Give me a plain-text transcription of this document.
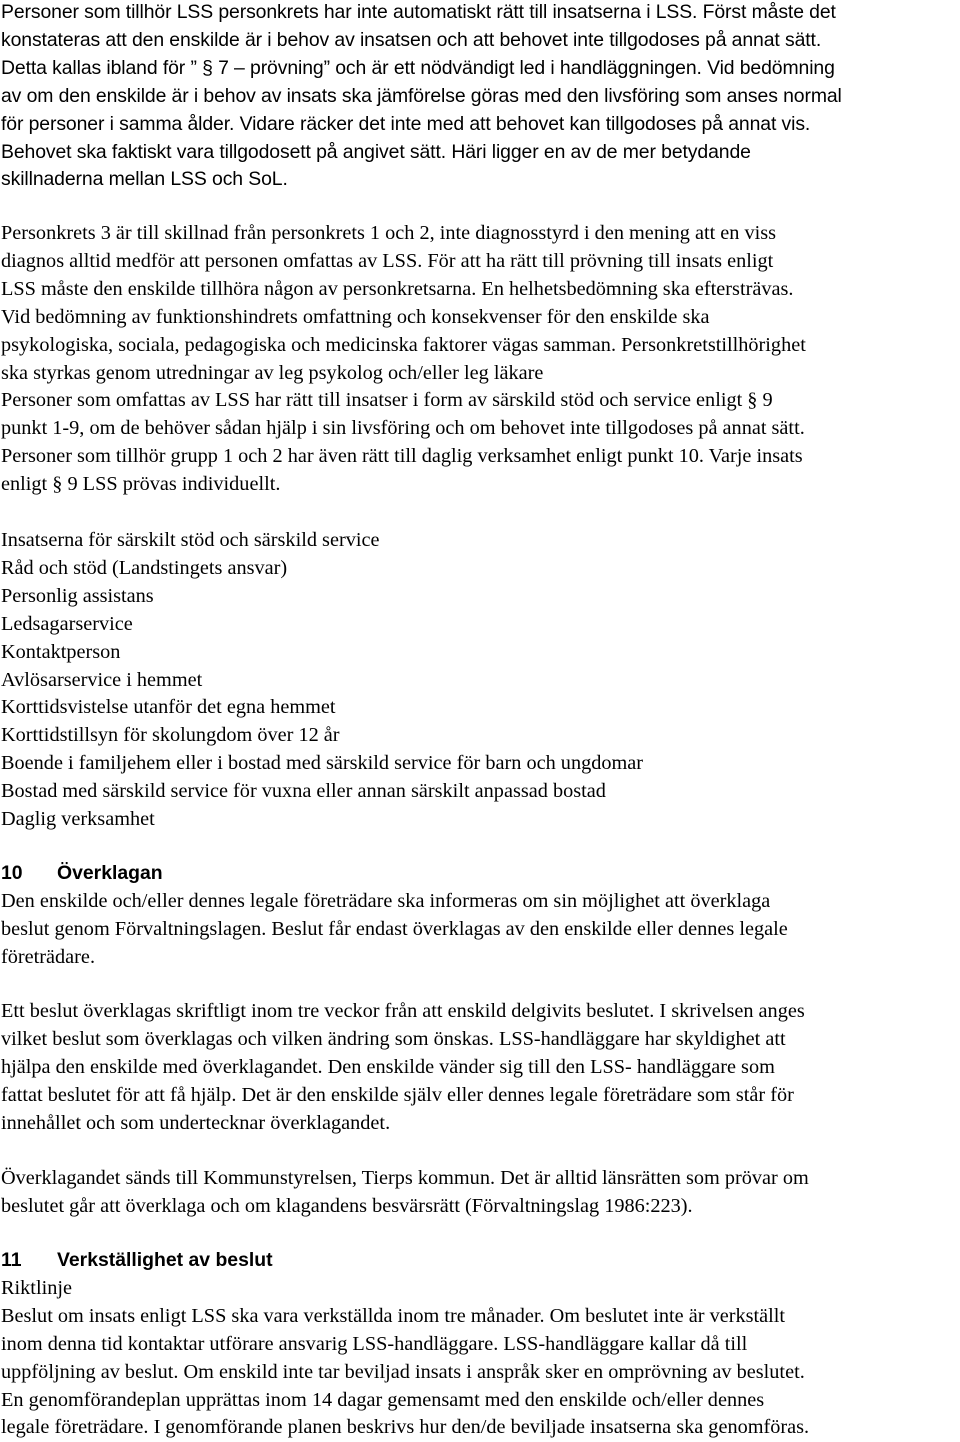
Personer som tillhör LSS personkrets har inte automatiskt rätt till insatserna i LSS. Först måste det
konstateras att den enskilde är i behov av insatsen och att behovet inte tillgodoses på annat sätt.
Detta kallas ibland för ” § 7 – prövning” och är ett nödvändigt led i handläggningen. Vid bedömning
av om den enskilde är i behov av insats ska jämförelse göras med den livsföring som anses normal
för personer i samma ålder. Vidare räcker det inte med att behovet kan tillgodoses på annat vis.
Behovet ska faktiskt vara tillgodosett på angivet sätt. Häri ligger en av de mer betydande
skillnaderna mellan LSS och SoL.

Personkrets 3 är till skillnad från personkrets 1 och 2, inte diagnosstyrd i den mening att en viss
diagnos alltid medför att personen omfattas av LSS. För att ha rätt till prövning till insats enligt
LSS måste den enskilde tillhöra någon av personkretsarna. En helhetsbedömning ska eftersträvas.
Vid bedömning av funktionshindrets omfattning och konsekvenser för den enskilde ska
psykologiska, sociala, pedagogiska och medicinska faktorer vägas samman. Personkretstillhörighet
ska styrkas genom utredningar av leg psykolog och/eller leg läkare
Personer som omfattas av LSS har rätt till insatser i form av särskild stöd och service enligt § 9
punkt 1-9, om de behöver sådan hjälp i sin livsföring och om behovet inte tillgodoses på annat sätt.
Personer som tillhör grupp 1 och 2 har även rätt till daglig verksamhet enligt punkt 10. Varje insats
enligt § 9 LSS prövas individuellt.

Insatserna för särskilt stöd och särskild service
Råd och stöd (Landstingets ansvar)
Personlig assistans
Ledsagarservice
Kontaktperson
Avlösarservice i hemmet
Korttidsvistelse utanför det egna hemmet
Korttidstillsyn för skolungdom över 12 år
Boende i familjehem eller i bostad med särskild service för barn och ungdomar
Bostad med särskild service för vuxna eller annan särskilt anpassad bostad
Daglig verksamhet
10 Överklagan

Den enskilde och/eller dennes legale företrädare ska informeras om sin möjlighet att överklaga
beslut genom Förvaltningslagen. Beslut får endast överklagas av den enskilde eller dennes legale
företrädare.

Ett beslut överklagas skriftligt inom tre veckor från att enskild delgivits beslutet. I skrivelsen anges
vilket beslut som överklagas och vilken ändring som önskas. LSS-handläggare har skyldighet att
hjälpa den enskilde med överklagandet. Den enskilde vänder sig till den LSS- handläggare som
fattat beslutet för att få hjälp. Det är den enskilde själv eller dennes legale företrädare som står för
innehållet och som undertecknar överklagandet.

Överklagandet sänds till Kommunstyrelsen, Tierps kommun. Det är alltid länsrätten som prövar om
beslutet går att överklaga och om klagandens besvärsrätt (Förvaltningslag 1986:223).

11 Verkställighet av beslut

Riktlinje

Beslut om insats enligt LSS ska vara verkställda inom tre månader. Om beslutet inte är verkställt
inom denna tid kontaktar utförare ansvarig LSS-handläggare. LSS-handläggare kallar då till
uppföljning av beslut. Om enskild inte tar beviljad insats i anspråk sker en omprövning av beslutet.
En genomförandeplan upprättas inom 14 dagar gemensamt med den enskilde och/eller dennes
legale företrädare. I genomförande planen beskrivs hur den/de beviljade insatserna ska genomföras.
